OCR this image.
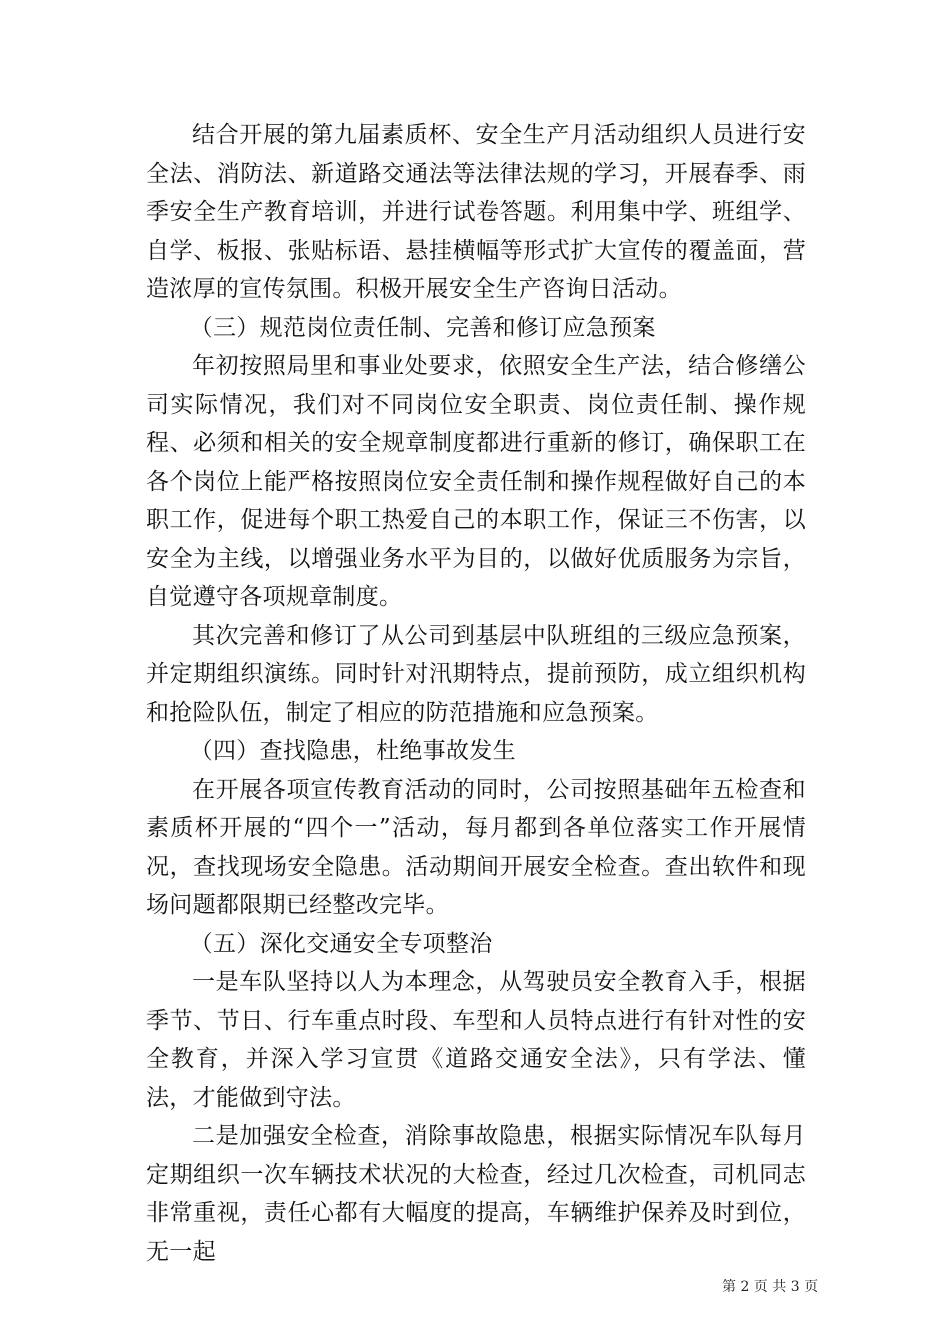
结合开展的第九届素质杯、安全生产月活动组织人员进行安全法、消防法、新道路交通法等法律法规的学习，开展春季、雨季安全生产教育培训，并进行试卷答题。利用集中学、班组学、自学、板报、张贴标语、悬挂横幅等形式扩大宣传的覆盖面，营造浓厚的宣传氛围。积极开展安全生产咨询日活动。

（三）规范岗位责任制、完善和修订应急预案

年初按照局里和事业处要求，依照安全生产法，结合修缮公司实际情况，我们对不同岗位安全职责、岗位责任制、操作规程、必须和相关的安全规章制度都进行重新的修订，确保职工在各个岗位上能严格按照岗位安全责任制和操作规程做好自己的本职工作，促进每个职工热爱自己的本职工作，保证三不伤害，以安全为主线，以增强业务水平为目的，以做好优质服务为宗旨，自觉遵守各项规章制度。

其次完善和修订了从公司到基层中队班组的三级应急预案，并定期组织演练。同时针对汛期特点，提前预防，成立组织机构和抢险队伍，制定了相应的防范措施和应急预案。

（四）查找隐患，杜绝事故发生

在开展各项宣传教育活动的同时，公司按照基础年五检查和素质杯开展的“四个一”活动，每月都到各单位落实工作开展情况，查找现场安全隐患。活动期间开展安全检查。查出软件和现场问题都限期已经整改完毕。

（五）深化交通安全专项整治

一是车队坚持以人为本理念，从驾驶员安全教育入手，根据季节、节日、行车重点时段、车型和人员特点进行有针对性的安全教育，并深入学习宣贯《道路交通安全法》，只有学法、懂法，才能做到守法。

二是加强安全检查，消除事故隐患，根据实际情况车队每月定期组织一次车辆技术状况的大检查，经过几次检查，司机同志非常重视，责任心都有大幅度的提高，车辆维护保养及时到位，无一起

第 2 页 共 3 页
